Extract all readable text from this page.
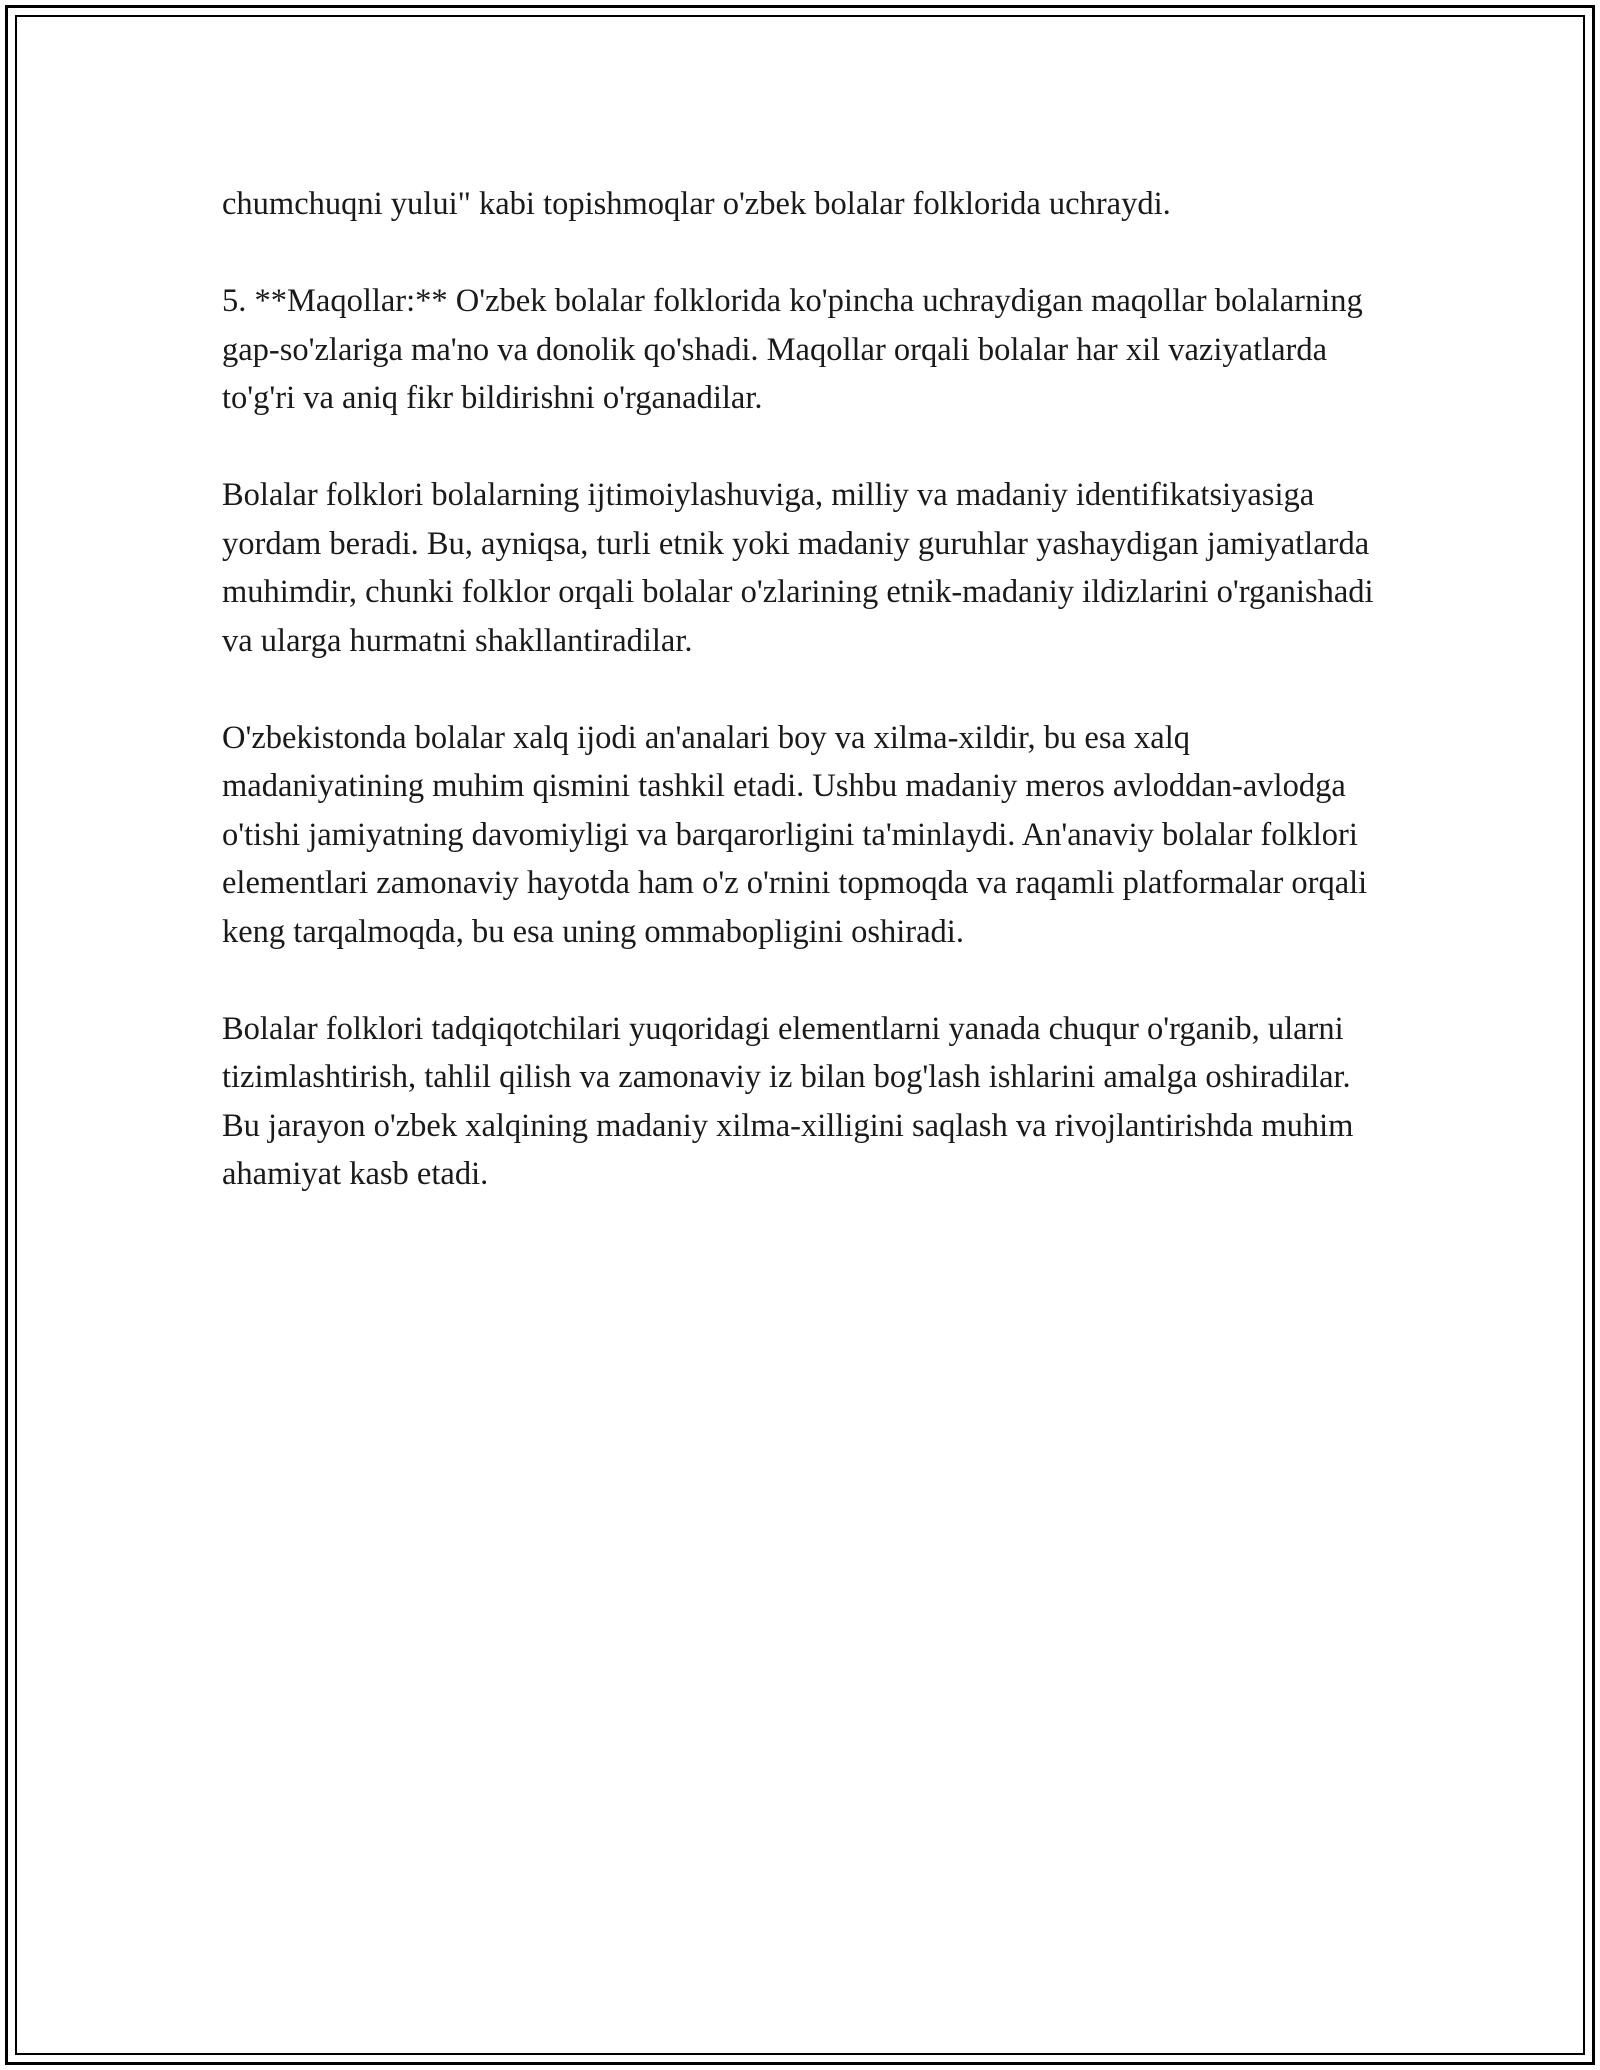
chumchuqni yului" kabi topishmoqlar o'zbek bolalar folklorida uchraydi.

5. **Maqollar:** O'zbek bolalar folklorida ko'pincha uchraydigan maqollar bolalarning gap-so'zlariga ma'no va donolik qo'shadi. Maqollar orqali bolalar har xil vaziyatlarda to'g'ri va aniq fikr bildirishni o'rganadilar.

Bolalar folklori bolalarning ijtimoiylashuviga, milliy va madaniy identifikatsiyasiga yordam beradi. Bu, ayniqsa, turli etnik yoki madaniy guruhlar yashaydigan jamiyatlarda muhimdir, chunki folklor orqali bolalar o'zlarining etnik-madaniy ildizlarini o'rganishadi va ularga hurmatni shakllantiradilar.

O'zbekistonda bolalar xalq ijodi an'analari boy va xilma-xildir, bu esa xalq madaniyatining muhim qismini tashkil etadi. Ushbu madaniy meros avloddan-avlodga o'tishi jamiyatning davomiyligi va barqarorligini ta'minlaydi. An'anaviy bolalar folklori elementlari zamonaviy hayotda ham o'z o'rnini topmoqda va raqamli platformalar orqali keng tarqalmoqda, bu esa uning ommabopligini oshiradi.

Bolalar folklori tadqiqotchilari yuqoridagi elementlarni yanada chuqur o'rganib, ularni tizimlashtirish, tahlil qilish va zamonaviy iz bilan bog'lash ishlarini amalga oshiradilar. Bu jarayon o'zbek xalqining madaniy xilma-xilligini saqlash va rivojlantirishda muhim ahamiyat kasb etadi.
